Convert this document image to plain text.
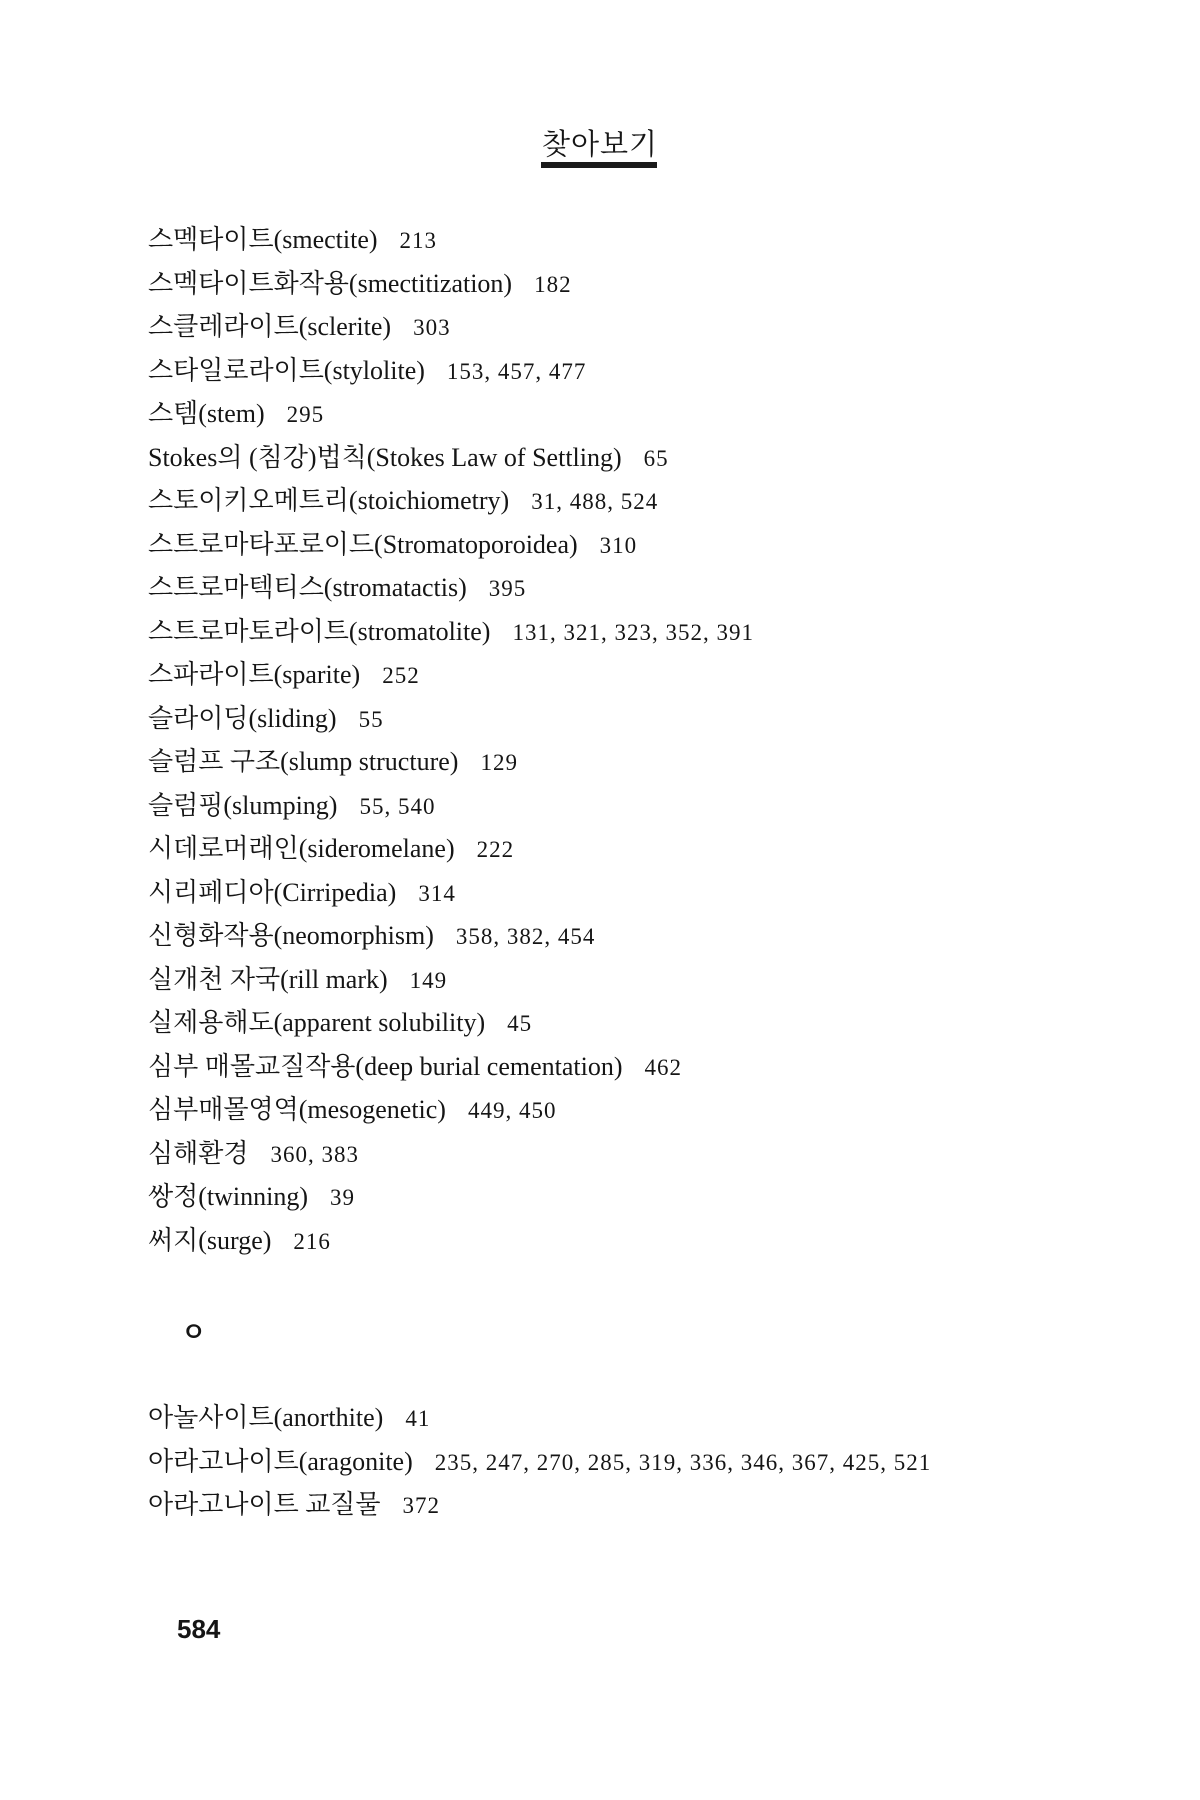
찾아보기
스멕타이트(smectite) 213
스멕타이트화작용(smectitization) 182
스클레라이트(sclerite) 303
스타일로라이트(stylolite) 153, 457, 477
스템(stem) 295
Stokes의 (침강)법칙(Stokes Law of Settling) 65
스토이키오메트리(stoichiometry) 31, 488, 524
스트로마타포로이드(Stromatoporoidea) 310
스트로마텍티스(stromatactis) 395
스트로마토라이트(stromatolite) 131, 321, 323, 352, 391
스파라이트(sparite) 252
슬라이딩(sliding) 55
슬럼프 구조(slump structure) 129
슬럼핑(slumping) 55, 540
시데로머래인(sideromelane) 222
시리페디아(Cirripedia) 314
신형화작용(neomorphism) 358, 382, 454
실개천 자국(rill mark) 149
실제용해도(apparent solubility) 45
심부 매몰교질작용(deep burial cementation) 462
심부매몰영역(mesogenetic) 449, 450
심해환경 360, 383
쌍정(twinning) 39
써지(surge) 216
ㅇ
아놀사이트(anorthite) 41
아라고나이트(aragonite) 235, 247, 270, 285, 319, 336, 346, 367, 425, 521
아라고나이트 교질물 372
584
